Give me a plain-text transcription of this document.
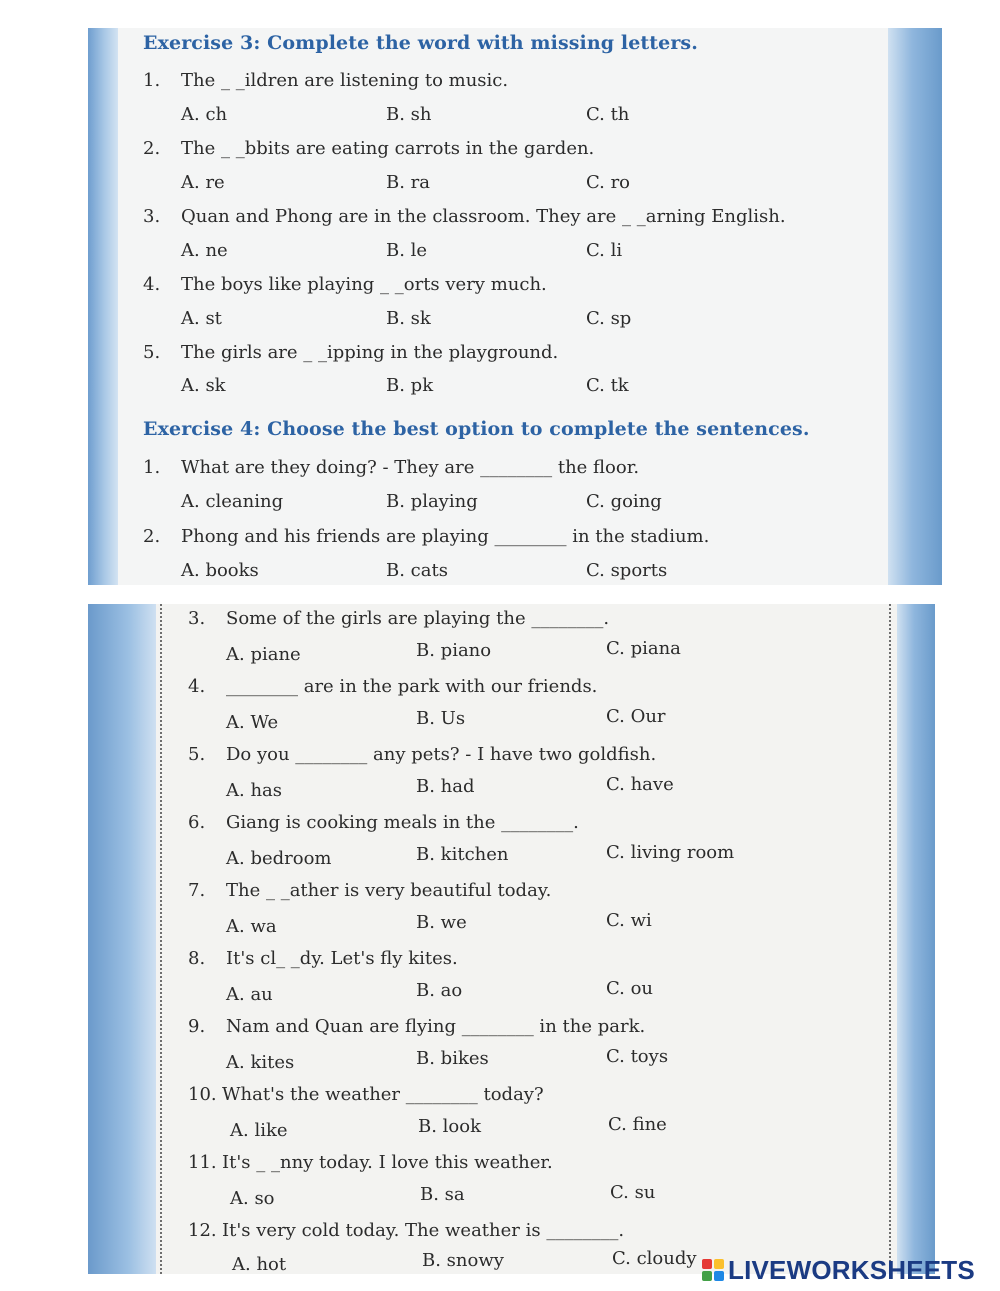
Exercise 3: Complete the word with missing letters.
1. The _ _ildren are listening to music.
A. ch	B. sh	C. th
2. The _ _bbits are eating carrots in the garden.
A. re	B. ra	C. ro
3. Quan and Phong are in the classroom. They are _ _arning English.
A. ne	B. le	C. li
4. The boys like playing _ _orts very much.
A. st	B. sk	C. sp
5. The girls are _ _ipping in the playground.
A. sk	B. pk	C. tk
Exercise 4: Choose the best option to complete the sentences.
1. What are they doing? - They are ________ the floor.
A. cleaning	B. playing	C. going
2. Phong and his friends are playing ________ in the stadium.
A. books	B. cats	C. sports
3. Some of the girls are playing the ________.
A. piane	B. piano	C. piana
4. ________ are in the park with our friends.
A. We	B. Us	C. Our
5. Do you ________ any pets? - I have two goldfish.
A. has	B. had	C. have
6. Giang is cooking meals in the ________.
A. bedroom	B. kitchen	C. living room
7. The _ _ather is very beautiful today.
A. wa	B. we	C. wi
8. It's cl_ _dy. Let's fly kites.
A. au	B. ao	C. ou
9. Nam and Quan are flying ________ in the park.
A. kites	B. bikes	C. toys
10. What's the weather ________ today?
A. like	B. look	C. fine
11. It's _ _nny today. I love this weather.
A. so	B. sa	C. su
12. It's very cold today. The weather is ________.
A. hot	B. snowy	C. cloudy LIVEWORKSHEETS
